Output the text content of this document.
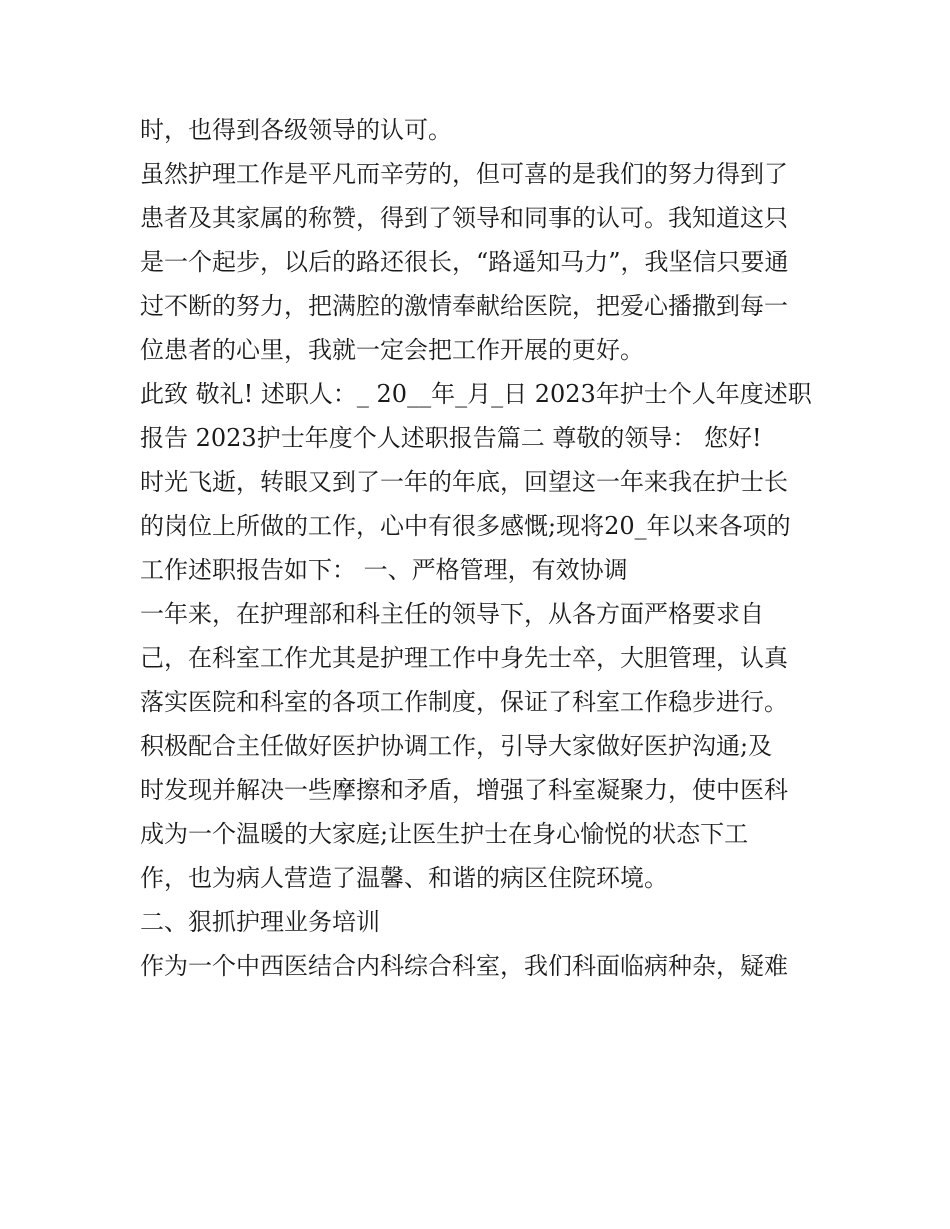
时，也得到各级领导的认可。
虽然护理工作是平凡而辛劳的，但可喜的是我们的努力得到了
患者及其家属的称赞，得到了领导和同事的认可。我知道这只
是一个起步，以后的路还很长，“路遥知马力”，我坚信只要通
过不断的努力，把满腔的激情奉献给医院，把爱心播撒到每一
位患者的心里，我就一定会把工作开展的更好。
此致 敬礼! 述职人：_ 20__年_月_日 2023年护士个人年度述职
报告 2023护士年度个人述职报告篇二 尊敬的领导： 您好!
时光飞逝，转眼又到了一年的年底，回望这一年来我在护士长
的岗位上所做的工作，心中有很多感慨;现将20_年以来各项的
工作述职报告如下： 一、严格管理，有效协调
一年来，在护理部和科主任的领导下，从各方面严格要求自
己，在科室工作尤其是护理工作中身先士卒，大胆管理，认真
落实医院和科室的各项工作制度，保证了科室工作稳步进行。
积极配合主任做好医护协调工作，引导大家做好医护沟通;及
时发现并解决一些摩擦和矛盾，增强了科室凝聚力，使中医科
成为一个温暖的大家庭;让医生护士在身心愉悦的状态下工
作，也为病人营造了温馨、和谐的病区住院环境。
二、狠抓护理业务培训
作为一个中西医结合内科综合科室，我们科面临病种杂，疑难
